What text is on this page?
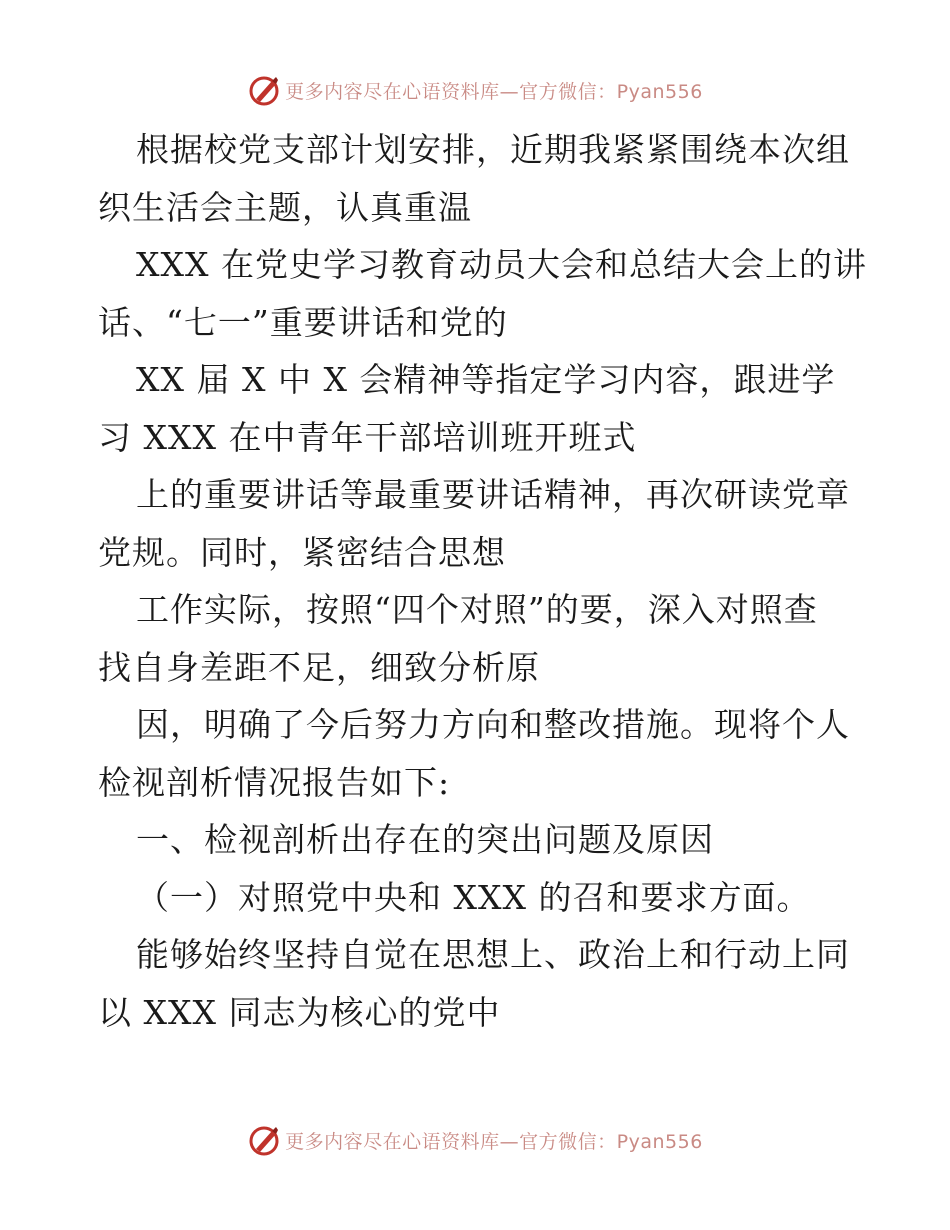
更多内容尽在心语资料库—官方微信：Pyan556
根据校党支部计划安排，近期我紧紧围绕本次组
织生活会主题，认真重温
XXX 在党史学习教育动员大会和总结大会上的讲
话、“七一”重要讲话和党的
XX 届 X 中 X 会精神等指定学习内容，跟进学
习 XXX 在中青年干部培训班开班式
上的重要讲话等最重要讲话精神，再次研读党章
党规。同时，紧密结合思想
工作实际，按照“四个对照”的要，深入对照查
找自身差距不足，细致分析原
因，明确了今后努力方向和整改措施。现将个人
检视剖析情况报告如下:
一、检视剖析出存在的突出问题及原因
（一）对照党中央和 XXX 的召和要求方面。
能够始终坚持自觉在思想上、政治上和行动上同
以 XXX 同志为核心的党中
更多内容尽在心语资料库—官方微信：Pyan556
